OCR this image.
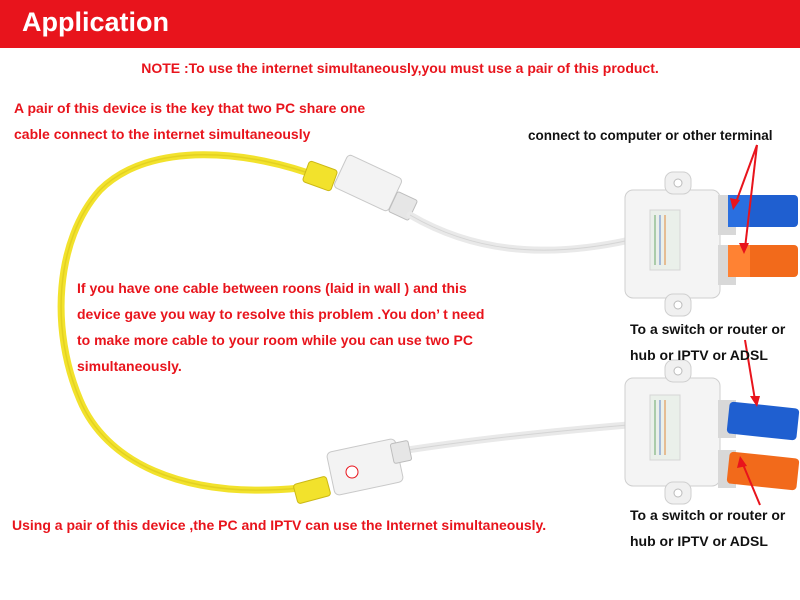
Application
NOTE :To use the internet simultaneously,you must use a pair of this product.
A pair of this device is the key that two PC share one
cable connect to the internet simultaneously	connect to computer or other terminal
If you have one cable between roons (laid in wall ) and this
device gave you way to resolve this problem .You don’ t need
to make more cable to your room while you can use two PC
simultaneously.
To a switch or router or
hub or IPTV or ADSL
To a switch or router or
hub or IPTV or ADSL
Using a pair of this device ,the PC and IPTV can use the Internet simultaneously.
